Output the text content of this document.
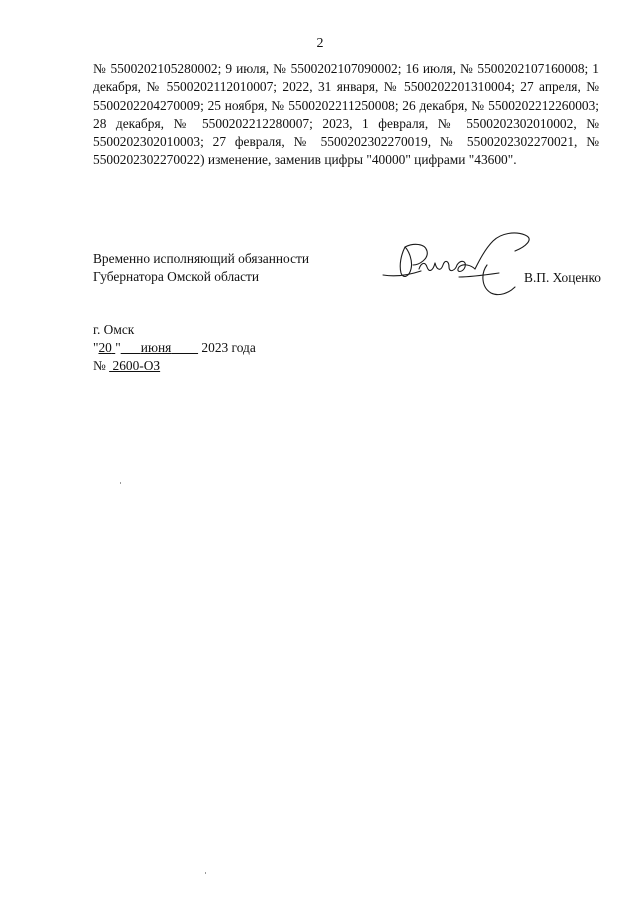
2

№ 5500202105280002; 9 июля, № 5500202107090002; 16 июля, № 5500202107160008; 1 декабря, № 5500202112010007; 2022, 31 января, № 5500202201310004; 27 апреля, № 5500202204270009; 25 ноября, № 5500202211250008; 26 декабря, № 5500202212260003; 28 декабря, № 5500202212280007; 2023, 1 февраля, № 5500202302010002, № 5500202302010003; 27 февраля, № 5500202302270019, № 5500202302270021, № 5500202302270022) изменение, заменив цифры "40000" цифрами "43600".

Временно исполняющий обязанности
Губернатора Омской области	В.П. Хоценко
г. Омск
"20 " июня 2023 года
№ 2600-ОЗ
